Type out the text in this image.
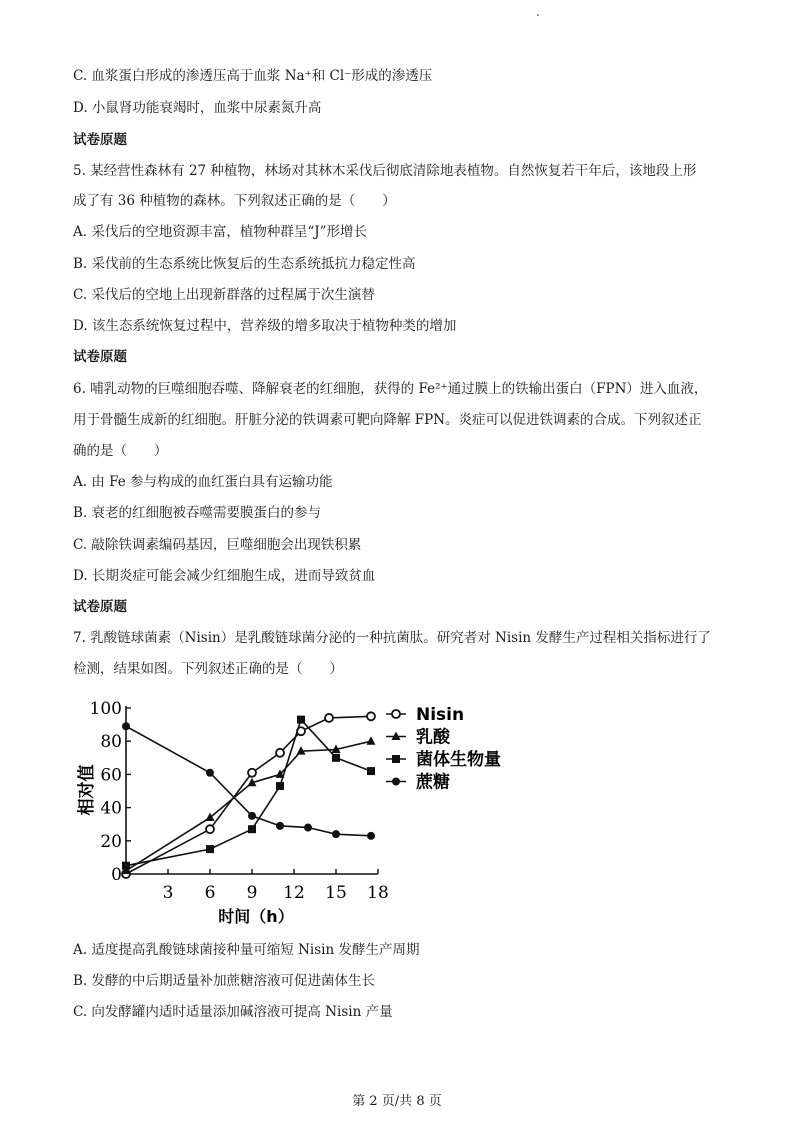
C. 血浆蛋白形成的渗透压高于血浆 Na⁺和 Cl⁻形成的渗透压
D. 小鼠肾功能衰竭时，血浆中尿素氮升高
试卷原题
5. 某经营性森林有 27 种植物，林场对其林木采伐后彻底清除地表植物。自然恢复若干年后，该地段上形
成了有 36 种植物的森林。下列叙述正确的是（　　）
A. 采伐后的空地资源丰富，植物种群呈“J”形增长
B. 采伐前的生态系统比恢复后的生态系统抵抗力稳定性高
C. 采伐后的空地上出现新群落的过程属于次生演替
D. 该生态系统恢复过程中，营养级的增多取决于植物种类的增加
试卷原题
6. 哺乳动物的巨噬细胞吞噬、降解衰老的红细胞，获得的 Fe²⁺通过膜上的铁输出蛋白（FPN）进入血液，
用于骨髓生成新的红细胞。肝脏分泌的铁调素可靶向降解 FPN。炎症可以促进铁调素的合成。下列叙述正
确的是（　　）
A. 由 Fe 参与构成的血红蛋白具有运输功能
B. 衰老的红细胞被吞噬需要膜蛋白的参与
C. 敲除铁调素编码基因，巨噬细胞会出现铁积累
D. 长期炎症可能会减少红细胞生成，进而导致贫血
试卷原题
7. 乳酸链球菌素（Nisin）是乳酸链球菌分泌的一种抗菌肽。研究者对 Nisin 发酵生产过程相关指标进行了
检测，结果如图。下列叙述正确的是（　　）
0
20
40
60
80
100
3 6 9 12 15 18
相对值
时间（h）
Nisin
乳酸
菌体生物量
蔗糖
A. 适度提高乳酸链球菌接种量可缩短 Nisin 发酵生产周期
B. 发酵的中后期适量补加蔗糖溶液可促进菌体生长
C. 向发酵罐内适时适量添加碱溶液可提高 Nisin 产量
第 2 页/共 8 页
